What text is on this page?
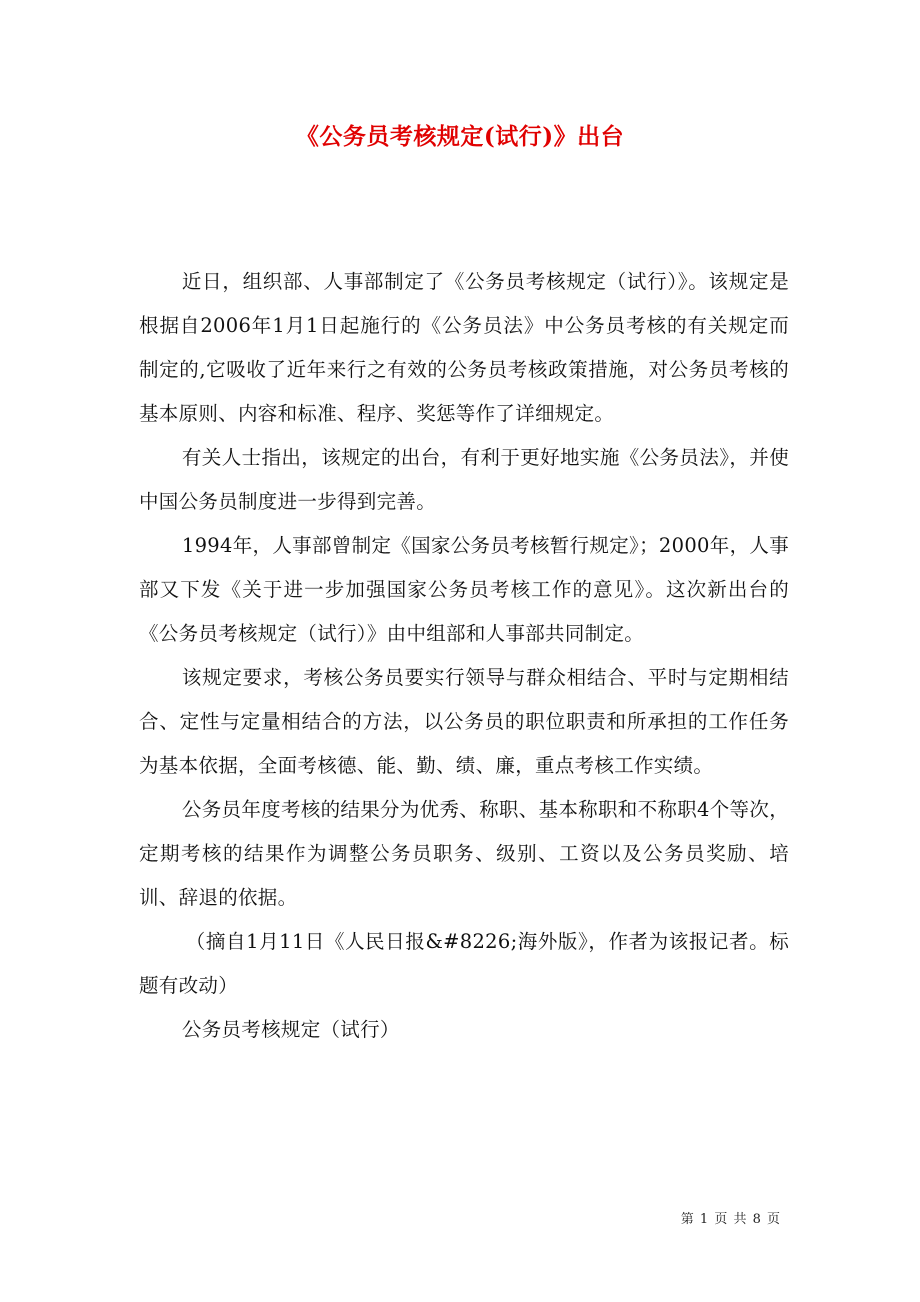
《公务员考核规定(试行)》出台

近日，组织部、人事部制定了《公务员考核规定（试行）》。该规定是根据自2006年1月1日起施行的《公务员法》中公务员考核的有关规定而制定的,它吸收了近年来行之有效的公务员考核政策措施，对公务员考核的基本原则、内容和标准、程序、奖惩等作了详细规定。

有关人士指出，该规定的出台，有利于更好地实施《公务员法》，并使中国公务员制度进一步得到完善。

1994年，人事部曾制定《国家公务员考核暂行规定》；2000年，人事部又下发《关于进一步加强国家公务员考核工作的意见》。这次新出台的《公务员考核规定（试行）》由中组部和人事部共同制定。

该规定要求，考核公务员要实行领导与群众相结合、平时与定期相结合、定性与定量相结合的方法，以公务员的职位职责和所承担的工作任务为基本依据，全面考核德、能、勤、绩、廉，重点考核工作实绩。

公务员年度考核的结果分为优秀、称职、基本称职和不称职4个等次，定期考核的结果作为调整公务员职务、级别、工资以及公务员奖励、培训、辞退的依据。

（摘自1月11日《人民日报&#8226;海外版》，作者为该报记者。标题有改动）

公务员考核规定（试行）

第 1 页 共 8 页
